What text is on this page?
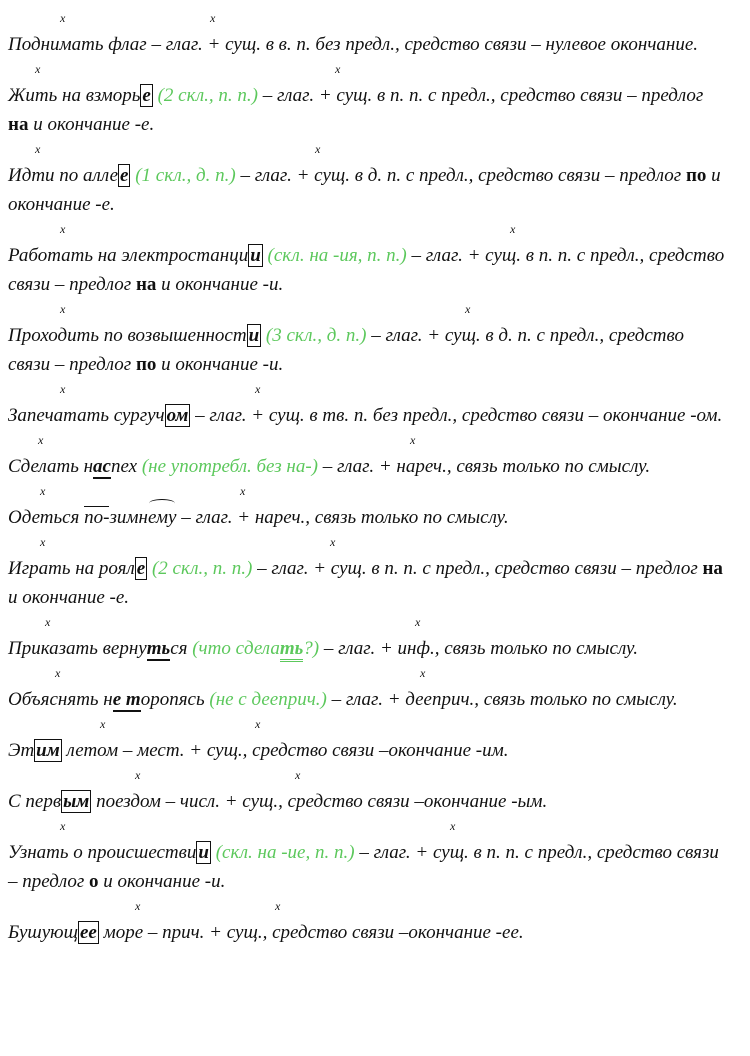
x	x
Поднимать флаг – глаг. + сущ. в в. п. без предл., средство связи – нулевое окончание.
x	x
Жить на взморь е (2 скл., п. п.) – глаг. + сущ. в п. п. с предл., средство связи – предлог на и окончание -е.
x	x
Идти по алле е (1 скл., д. п.) – глаг. + сущ. в д. п. с предл., средство связи – предлог по и окончание -е.
x	x
Работать на электростанци и (скл. на -ия, п. п.) – глаг. + сущ. в п. п. с предл., средство связи – предлог на и окончание -и.
x	x
Проходить по возвышенност и (3 скл., д. п.) – глаг. + сущ. в д. п. с предл., средство связи – предлог по и окончание -и.
x	x
Запечатать сургуч ом – глаг. + сущ. в тв. п. без предл., средство связи – окончание -ом.
x	x
Сделать наспех (не употребл. без на-) – глаг. + нареч., связь только по смыслу.
x	x
Одеться по-зимнему – глаг. + нареч., связь только по смыслу.
x	x
Играть на роял е (2 скл., п. п.) – глаг. + сущ. в п. п. с предл., средство связи – предлог на и окончание -е.
x	x
Приказать вернуться (что сделать?) – глаг. + инф., связь только по смыслу.
x	x
Объяснять не торопясь (не с дееприч.) – глаг. + дееприч., связь только по смыслу.
x	x
Эт им летом – мест. + сущ., средство связи –окончание -им.
x	x
С перв ым поездом – числ. + сущ., средство связи –окончание -ым.
x	x
Узнать о происшестви и (скл. на -ие, п. п.) – глаг. + сущ. в п. п. с предл., средство связи – предлог о и окончание -и.
x	x
Бушующ ее море – прич. + сущ., средство связи –окончание -ее.
